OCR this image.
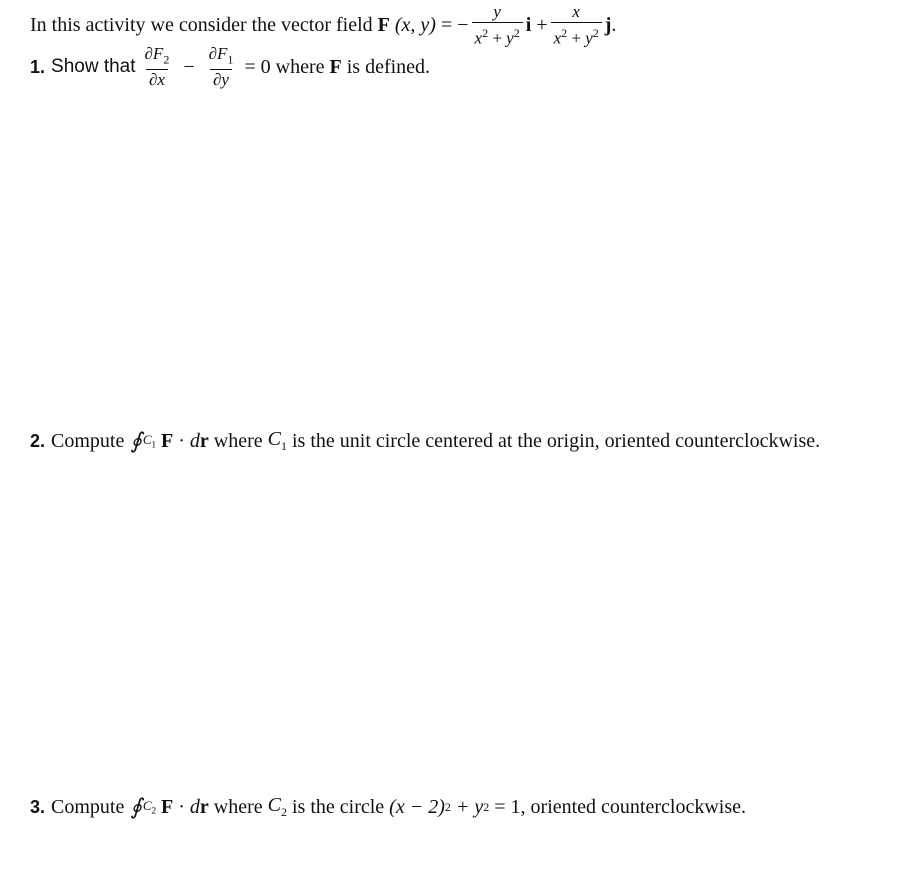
In this activity we consider the vector field F (x, y) = − $\frac{y}{x^2 + y^2}$ $i + \frac{x}{x^2 + y^2}$ j .
1. Show that $\frac{\partial F_2}{\partial x} - \frac{\partial F_1}{\partial y} = 0$ where F is defined.
2. Compute ∮ $C_1$ F · d r where $C_1$ is the unit circle centered at the origin, oriented counterclockwise.
3. Compute ∮ $C_2$ F · d r where $C_2$ is the circle (x − 2) 2 + y 2 = 1, oriented counterclockwise.
